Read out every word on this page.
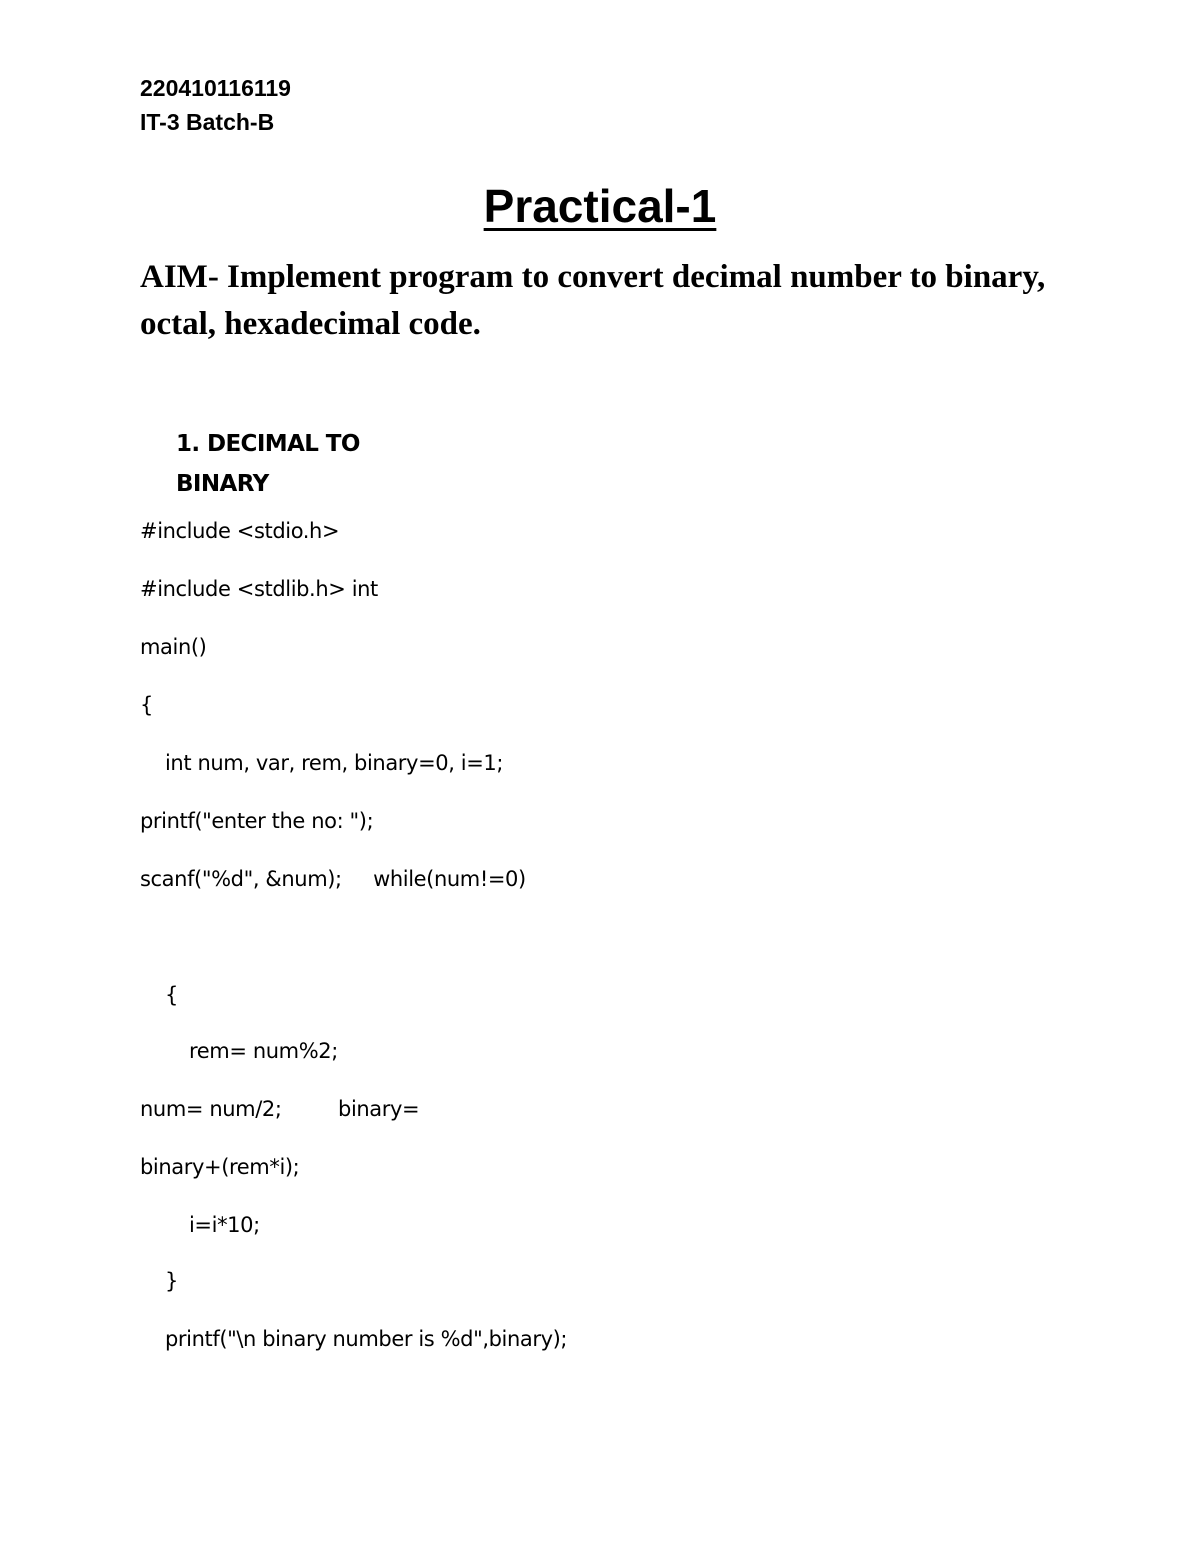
220410116119
IT-3 Batch-B
Practical-1
AIM- Implement program to convert decimal number to binary,
octal, hexadecimal code.
1. DECIMAL TO
BINARY
#include <stdio.h>
#include <stdlib.h> int
main()
{
int num, var, rem, binary=0, i=1;
printf("enter the no: ");
scanf("%d", &num);     while(num!=0)
{
rem= num%2;
num= num/2;         binary=
binary+(rem*i);
i=i*10;
}
printf("\n binary number is %d",binary);
